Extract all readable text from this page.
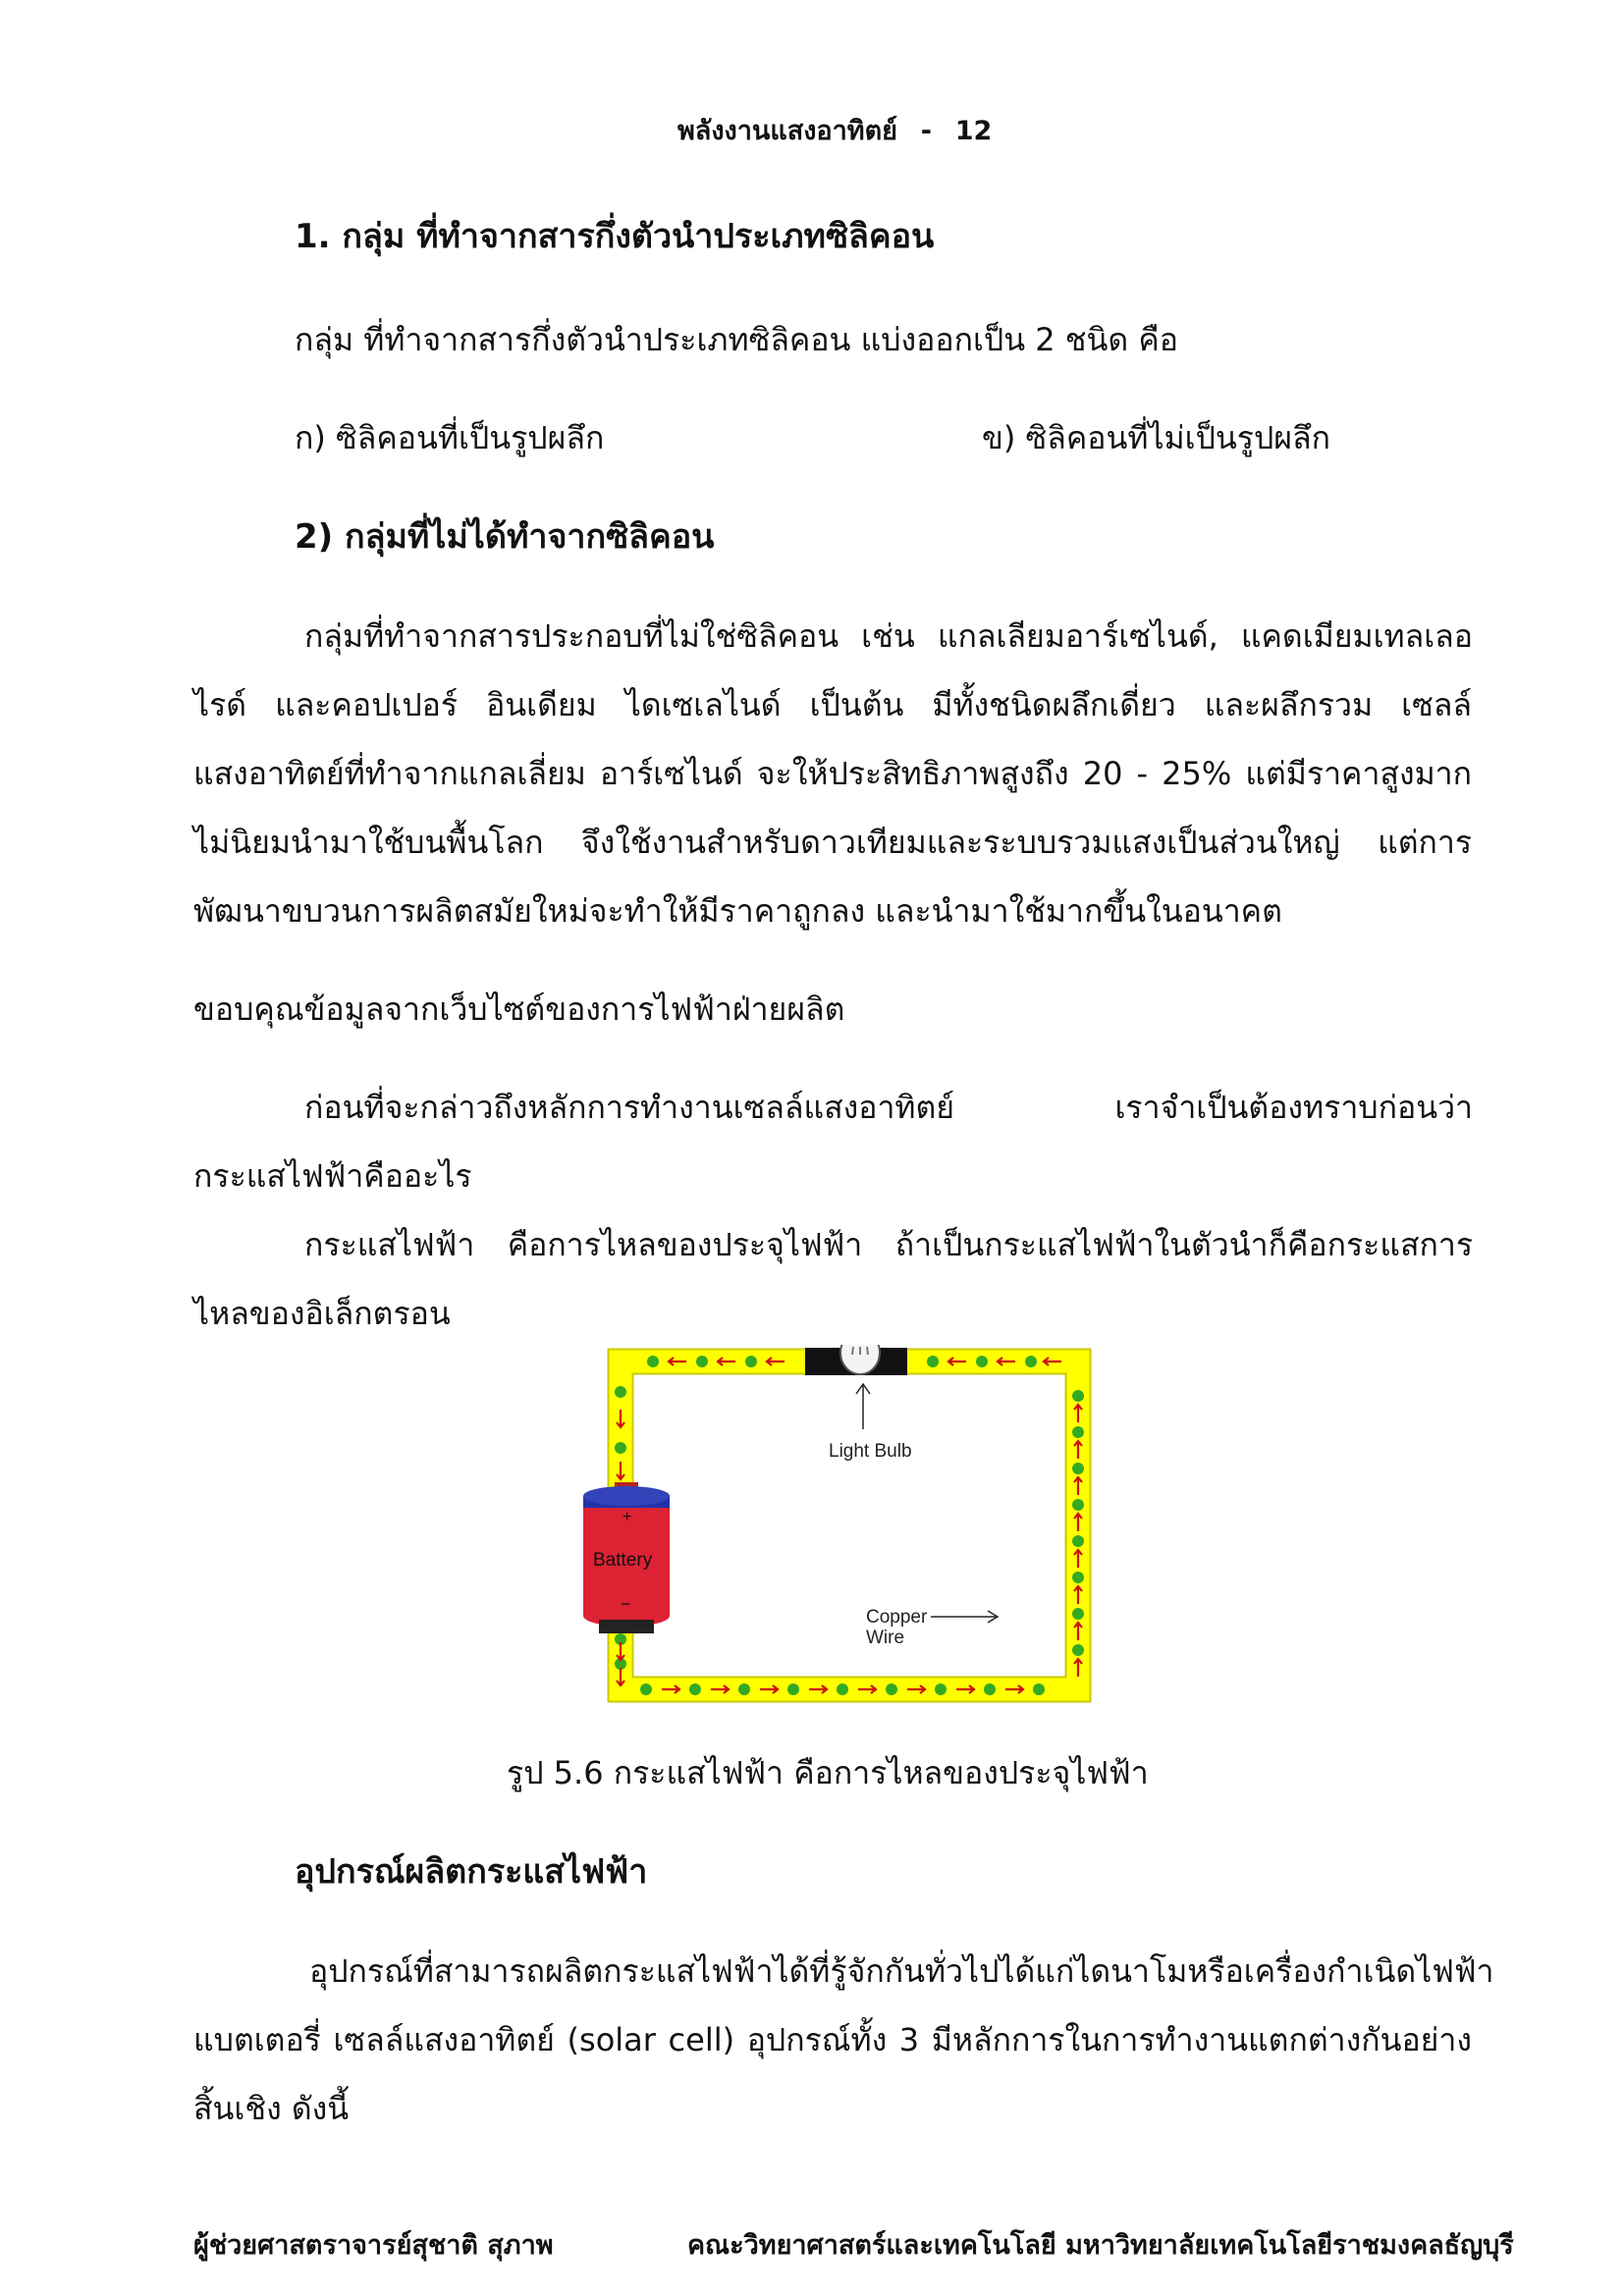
พลังงานแสงอาทิตย์ - 12
1. กลุ่ม ที่ทำจากสารกึ่งตัวนำประเภทซิลิคอน
กลุ่ม ที่ทำจากสารกึ่งตัวนำประเภทซิลิคอน แบ่งออกเป็น 2 ชนิด คือ
ก) ซิลิคอนที่เป็นรูปผลึก	ข) ซิลิคอนที่ไม่เป็นรูปผลึก
2) กลุ่มที่ไม่ได้ทำจากซิลิคอน
กลุ่มที่ทำจากสารประกอบที่ไม่ใช่ซิลิคอน เช่น แกลเลียมอาร์เซไนด์, แคดเมียมเทลเลอ
ไรด์ และคอปเปอร์ อินเดียม ไดเซเลไนด์ เป็นต้น มีทั้งชนิดผลึกเดี่ยว และผลึกรวม เซลล์
แสงอาทิตย์ที่ทำจากแกลเลี่ยม อาร์เซไนด์ จะให้ประสิทธิภาพสูงถึง 20 - 25% แต่มีราคาสูงมาก
ไม่นิยมนำมาใช้บนพื้นโลก จึงใช้งานสำหรับดาวเทียมและระบบรวมแสงเป็นส่วนใหญ่ แต่การ
พัฒนาขบวนการผลิตสมัยใหม่จะทำให้มีราคาถูกลง และนำมาใช้มากขึ้นในอนาคต
ขอบคุณข้อมูลจากเว็บไซต์ของการไฟฟ้าฝ่ายผลิต
ก่อนที่จะกล่าวถึงหลักการทำงานเซลล์แสงอาทิตย์ เราจำเป็นต้องทราบก่อนว่า
กระแสไฟฟ้าคืออะไร
กระแสไฟฟ้า คือการไหลของประจุไฟฟ้า ถ้าเป็นกระแสไฟฟ้าในตัวนำก็คือกระแสการ
ไหลของอิเล็กตรอน
+
Battery
−
Light Bulb
Copper
Wire
รูป 5.6 กระแสไฟฟ้า คือการไหลของประจุไฟฟ้า
อุปกรณ์ผลิตกระแสไฟฟ้า
อุปกรณ์ที่สามารถผลิตกระแสไฟฟ้าได้ที่รู้จักกันทั่วไปได้แก่ไดนาโมหรือเครื่องกำเนิดไฟฟ้า
แบตเตอรี่ เซลล์แสงอาทิตย์ (solar cell) อุปกรณ์ทั้ง 3 มีหลักการในการทำงานแตกต่างกันอย่าง
สิ้นเชิง ดังนี้
ผู้ช่วยศาสตราจารย์สุชาติ สุภาพ	คณะวิทยาศาสตร์และเทคโนโลยี มหาวิทยาลัยเทคโนโลยีราชมงคลธัญบุรี
